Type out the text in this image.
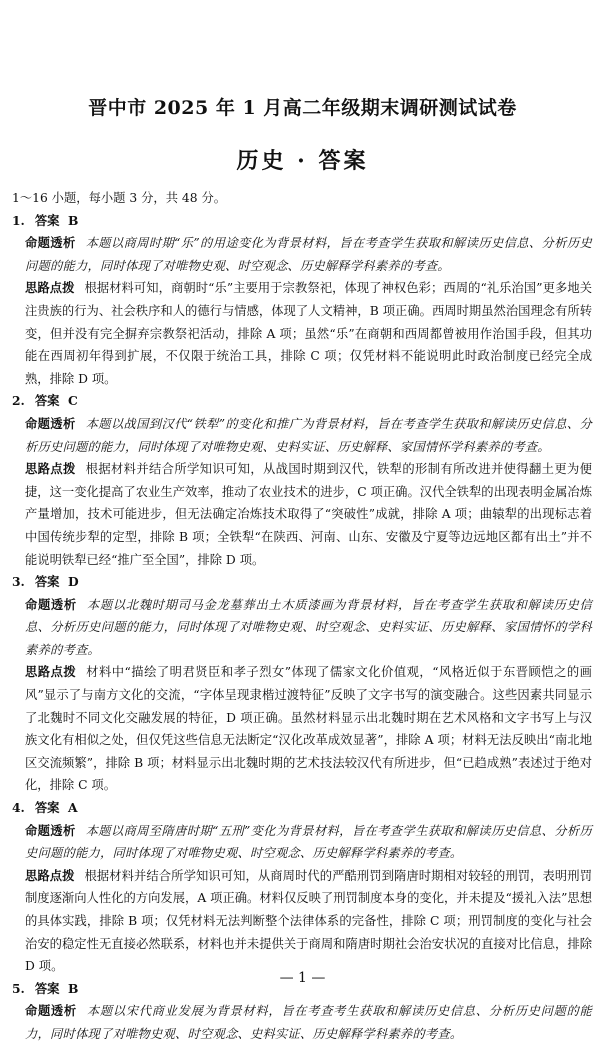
晋中市 2025 年 1 月高二年级期末调研测试试卷
历史 · 答案

1～16 小题，每小题 3 分，共 48 分。

1. 答案 B

命题透析 本题以商周时期“乐”的用途变化为背景材料，旨在考查学生获取和解读历史信息、分析历史问题的能力，同时体现了对唯物史观、时空观念、历史解释学科素养的考查。

思路点拨 根据材料可知，商朝时“乐”主要用于宗教祭祀，体现了神权色彩；西周的“礼乐治国”更多地关注贵族的行为、社会秩序和人的德行与情感，体现了人文精神，B 项正确。西周时期虽然治国理念有所转变，但并没有完全摒弃宗教祭祀活动，排除 A 项；虽然“乐”在商朝和西周都曾被用作治国手段，但其功能在西周初年得到扩展，不仅限于统治工具，排除 C 项；仅凭材料不能说明此时政治制度已经完全成熟，排除 D 项。

2. 答案 C

命题透析 本题以战国到汉代“铁犁”的变化和推广为背景材料，旨在考查学生获取和解读历史信息、分析历史问题的能力，同时体现了对唯物史观、史料实证、历史解释、家国情怀学科素养的考查。

思路点拨 根据材料并结合所学知识可知，从战国时期到汉代，铁犁的形制有所改进并使得翻土更为便捷，这一变化提高了农业生产效率，推动了农业技术的进步，C 项正确。汉代全铁犁的出现表明金属冶炼产量增加，技术可能进步，但无法确定冶炼技术取得了“突破性”成就，排除 A 项；曲辕犁的出现标志着中国传统步犁的定型，排除 B 项；全铁犁“在陕西、河南、山东、安徽及宁夏等边远地区都有出土”并不能说明铁犁已经“推广至全国”，排除 D 项。

3. 答案 D

命题透析 本题以北魏时期司马金龙墓葬出土木质漆画为背景材料，旨在考查学生获取和解读历史信息、分析历史问题的能力，同时体现了对唯物史观、时空观念、史料实证、历史解释、家国情怀的学科素养的考查。

思路点拨 材料中“描绘了明君贤臣和孝子烈女”体现了儒家文化价值观，“风格近似于东晋顾恺之的画风”显示了与南方文化的交流，“字体呈现隶楷过渡特征”反映了文字书写的演变融合。这些因素共同显示了北魏时不同文化交融发展的特征，D 项正确。虽然材料显示出北魏时期在艺术风格和文字书写上与汉族文化有相似之处，但仅凭这些信息无法断定“汉化改革成效显著”，排除 A 项；材料无法反映出“南北地区交流频繁”，排除 B 项；材料显示出北魏时期的艺术技法较汉代有所进步，但“已趋成熟”表述过于绝对化，排除 C 项。

4. 答案 A

命题透析 本题以商周至隋唐时期“五刑”变化为背景材料，旨在考查学生获取和解读历史信息、分析历史问题的能力，同时体现了对唯物史观、时空观念、历史解释学科素养的考查。

思路点拨 根据材料并结合所学知识可知，从商周时代的严酷刑罚到隋唐时期相对较轻的刑罚，表明刑罚制度逐渐向人性化的方向发展，A 项正确。材料仅反映了刑罚制度本身的变化，并未提及“援礼入法”思想的具体实践，排除 B 项；仅凭材料无法判断整个法律体系的完备性，排除 C 项；刑罚制度的变化与社会治安的稳定性无直接必然联系，材料也并未提供关于商周和隋唐时期社会治安状况的直接对比信息，排除 D 项。

5. 答案 B

命题透析 本题以宋代商业发展为背景材料，旨在考查考生获取和解读历史信息、分析历史问题的能力，同时体现了对唯物史观、时空观念、史料实证、历史解释学科素养的考查。

— 1 —
